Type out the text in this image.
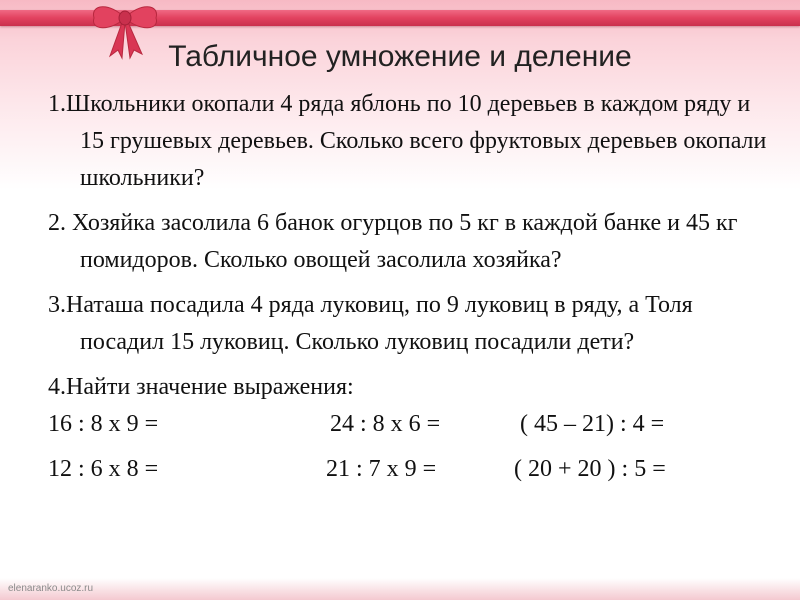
Табличное умножение и деление

1.Школьники окопали 4 ряда яблонь по 10 деревьев в каждом ряду и 15 грушевых деревьев. Сколько всего фруктовых деревьев окопали школьники?

2. Хозяйка засолила 6 банок огурцов по 5 кг в каждой банке и 45 кг помидоров. Сколько овощей засолила хозяйка?

3.Наташа посадила 4 ряда луковиц, по 9 луковиц в ряду, а Толя посадил 15 луковиц. Сколько луковиц посадили дети?

4.Найти значение выражения:

16 : 8 х 9 =	24 : 8 х 6 =	( 45 – 21) : 4 =
12 : 6 х 8 =	21 : 7 х 9 =	( 20 + 20 ) : 5 =
elenaranko.ucoz.ru
